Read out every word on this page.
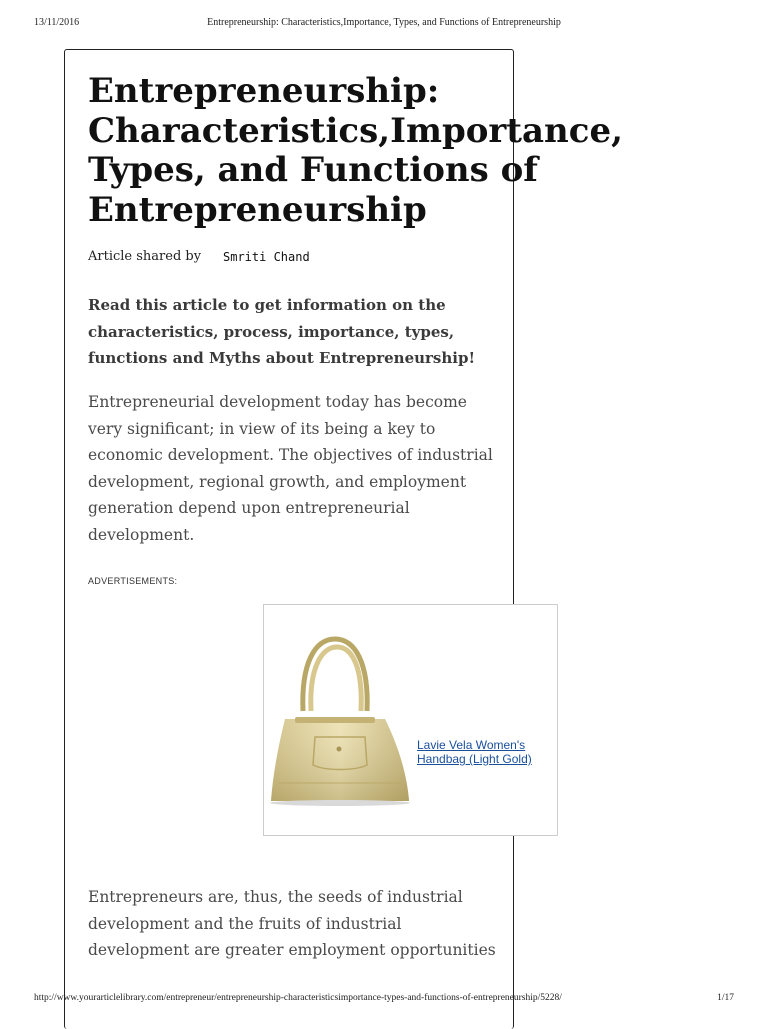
13/11/2016	Entrepreneurship: Characteristics,Importance, Types, and Functions of Entrepreneurship
Entrepreneurship: Characteristics,Importance, Types, and Functions of Entrepreneurship
Article shared by Smriti Chand

Read this article to get information on the characteristics, process, importance, types, functions and Myths about Entrepreneurship!

Entrepreneurial development today has become very significant; in view of its being a key to economic development. The objectives of industrial development, regional growth, and employment generation depend upon entrepreneurial development.

ADVERTISEMENTS:
Lavie Vela Women's Handbag (Light Gold)

Entrepreneurs are, thus, the seeds of industrial development and the fruits of industrial development are greater employment opportunities

http://www.yourarticlelibrary.com/entrepreneur/entrepreneurship-characteristicsimportance-types-and-functions-of-entrepreneurship/5228/	1/17
